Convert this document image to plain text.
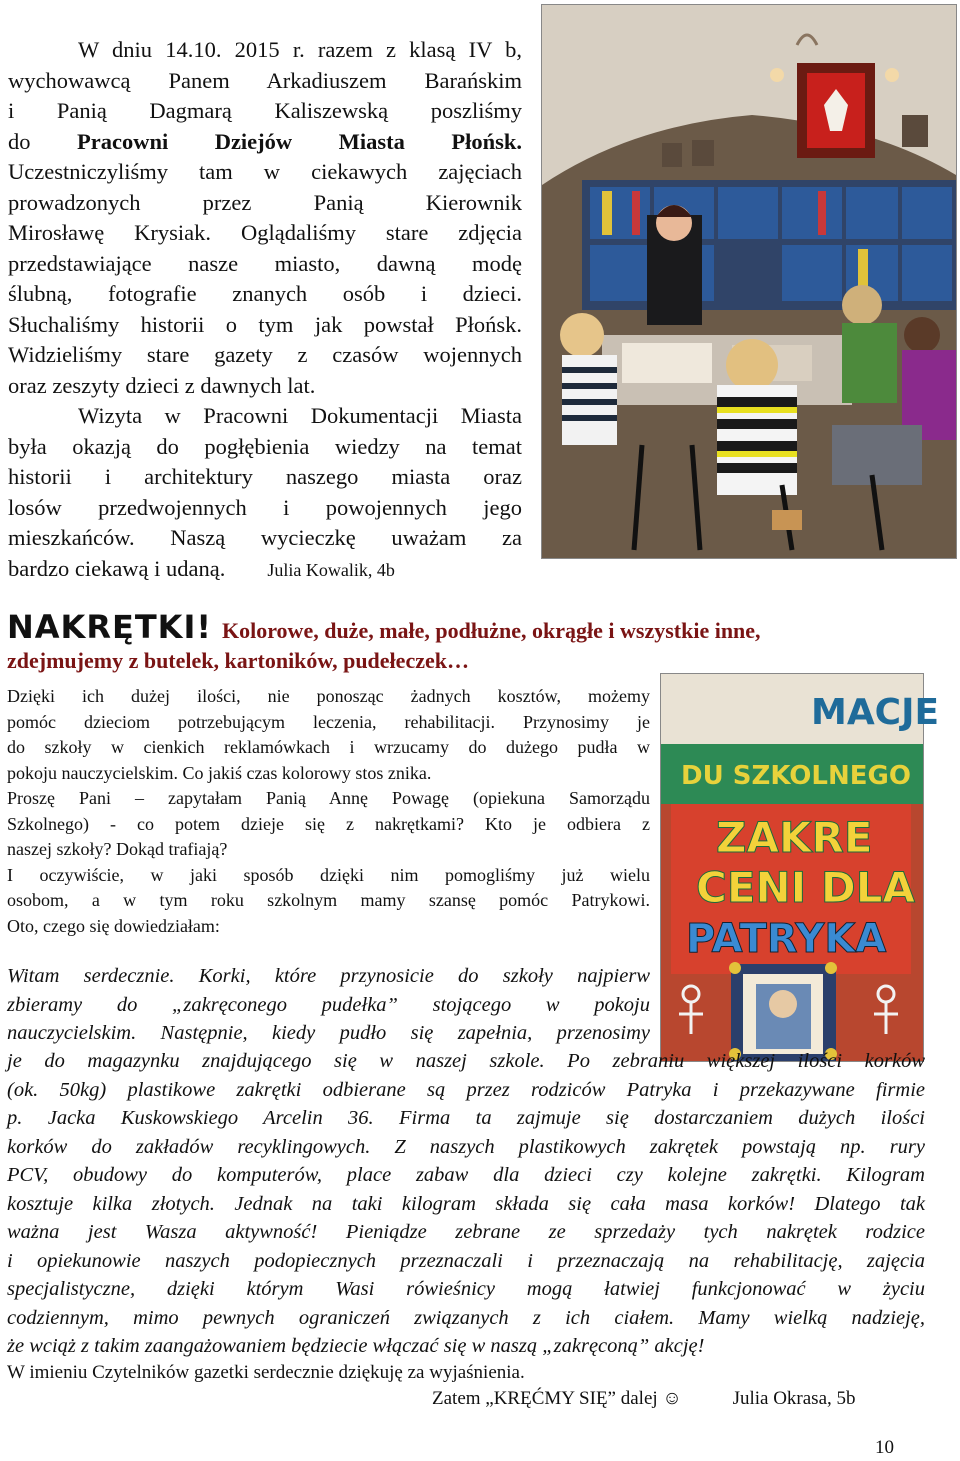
W dniu 14.10. 2015 r. razem z klasą IV b,
wychowawcą Panem Arkadiuszem Barańskim
i Panią Dagmarą Kaliszewską poszliśmy
do Pracowni Dziejów Miasta Płońsk.
Uczestniczyliśmy tam w ciekawych zajęciach
prowadzonych przez Panią Kierownik
Mirosławę Krysiak. Oglądaliśmy stare zdjęcia
przedstawiające nasze miasto, dawną modę
ślubną, fotografie znanych osób i dzieci.
Słuchaliśmy historii o tym jak powstał Płońsk.
Widzieliśmy stare gazety z czasów wojennych
oraz zeszyty dzieci z dawnych lat.
Wizyta w Pracowni Dokumentacji Miasta
była okazją do pogłębienia wiedzy na temat
historii i architektury naszego miasta oraz
losów przedwojennych i powojennych jego
mieszkańców. Naszą wycieczkę uważam za
bardzo ciekawą i udaną. Julia Kowalik, 4b
NAKRĘTKI! Kolorowe, duże, małe, podłużne, okrągłe i wszystkie inne,
zdejmujemy z butelek, kartoników, pudełeczek…
Dzięki ich dużej ilości, nie ponosząc żadnych kosztów, możemy
pomóc dzieciom potrzebującym leczenia, rehabilitacji. Przynosimy je
do szkoły w cienkich reklamówkach i wrzucamy do dużego pudła w
pokoju nauczycielskim. Co jakiś czas kolorowy stos znika.
Proszę Pani – zapytałam Panią Annę Powagę (opiekuna Samorządu
Szkolnego) - co potem dzieje się z nakrętkami? Kto je odbiera z
naszej szkoły? Dokąd trafiają?
I oczywiście, w jaki sposób dzięki nim pomogliśmy już wielu
osobom, a w tym roku szkolnym mamy szansę pomóc Patrykowi.
Oto, czego się dowiedziałam:
MACJE
DU SZKOLNEGO
ZAKRE
CENI DLA
PATRYKA
Witam serdecznie. Korki, które przynosicie do szkoły najpierw
zbieramy do „zakręconego pudełka” stojącego w pokoju
nauczycielskim. Następnie, kiedy pudło się zapełnia, przenosimy
je do magazynku znajdującego się w naszej szkole. Po zebraniu większej ilości korków
(ok. 50kg) plastikowe zakrętki odbierane są przez rodziców Patryka i przekazywane firmie
p. Jacka Kuskowskiego Arcelin 36. Firma ta zajmuje się dostarczaniem dużych ilości
korków do zakładów recyklingowych. Z naszych plastikowych zakrętek powstają np. rury
PCV, obudowy do komputerów, place zabaw dla dzieci czy kolejne zakrętki. Kilogram
kosztuje kilka złotych. Jednak na taki kilogram składa się cała masa korków! Dlatego tak
ważna jest Wasza aktywność! Pieniądze zebrane ze sprzedaży tych nakrętek rodzice
i opiekunowie naszych podopiecznych przeznaczali i przeznaczają na rehabilitację, zajęcia
specjalistyczne, dzięki którym Wasi rówieśnicy mogą łatwiej funkcjonować w życiu
codziennym, mimo pewnych ograniczeń związanych z ich ciałem. Mamy wielką nadzieję,
że wciąż z takim zaangażowaniem będziecie włączać się w naszą „zakręconą” akcję!
W imieniu Czytelników gazetki serdecznie dziękuję za wyjaśnienia.
Zatem „KRĘĆMY SIĘ” dalej ☺	Julia Okrasa, 5b
10
